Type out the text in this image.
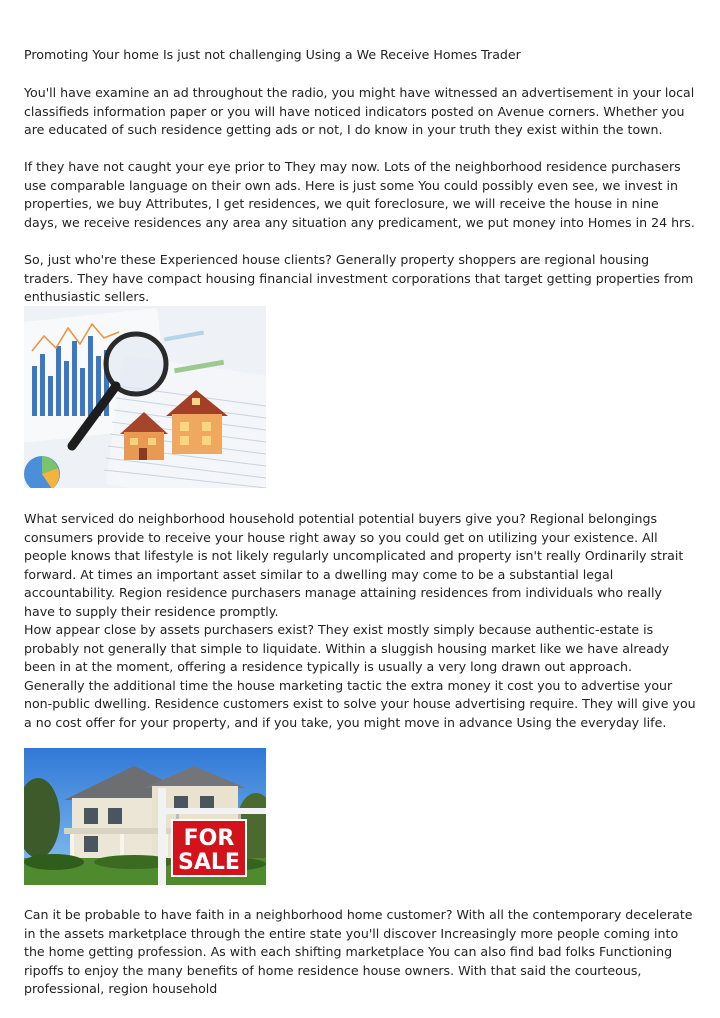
Promoting Your home Is just not challenging Using a We Receive Homes Trader

You'll have examine an ad throughout the radio, you might have witnessed an advertisement in your local classifieds information paper or you will have noticed indicators posted on Avenue corners. Whether you are educated of such residence getting ads or not, I do know in your truth they exist within the town.

If they have not caught your eye prior to They may now. Lots of the neighborhood residence purchasers use comparable language on their own ads. Here is just some You could possibly even see, we invest in properties, we buy Attributes, I get residences, we quit foreclosure, we will receive the house in nine days, we receive residences any area any situation any predicament, we put money into Homes in 24 hrs.

So, just who're these Experienced house clients? Generally property shoppers are regional housing traders. They have compact housing financial investment corporations that target getting properties from enthusiastic sellers.

What serviced do neighborhood household potential potential buyers give you? Regional belongings consumers provide to receive your house right away so you could get on utilizing your existence. All people knows that lifestyle is not likely regularly uncomplicated and property isn't really Ordinarily strait forward. At times an important asset similar to a dwelling may come to be a substantial legal accountability. Region residence purchasers manage attaining residences from individuals who really have to supply their residence promptly.

How appear close by assets purchasers exist? They exist mostly simply because authentic-estate is probably not generally that simple to liquidate. Within a sluggish housing market like we have already been in at the moment, offering a residence typically is usually a very long drawn out approach. Generally the additional time the house marketing tactic the extra money it cost you to advertise your non-public dwelling. Residence customers exist to solve your house advertising require. They will give you a no cost offer for your property, and if you take, you might move in advance Using the everyday life.

FOR
SALE

Can it be probable to have faith in a neighborhood home customer? With all the contemporary decelerate in the assets marketplace through the entire state you'll discover Increasingly more people coming into the home getting profession. As with each shifting marketplace You can also find bad folks Functioning ripoffs to enjoy the many benefits of home residence house owners. With that said the courteous, professional, region household
